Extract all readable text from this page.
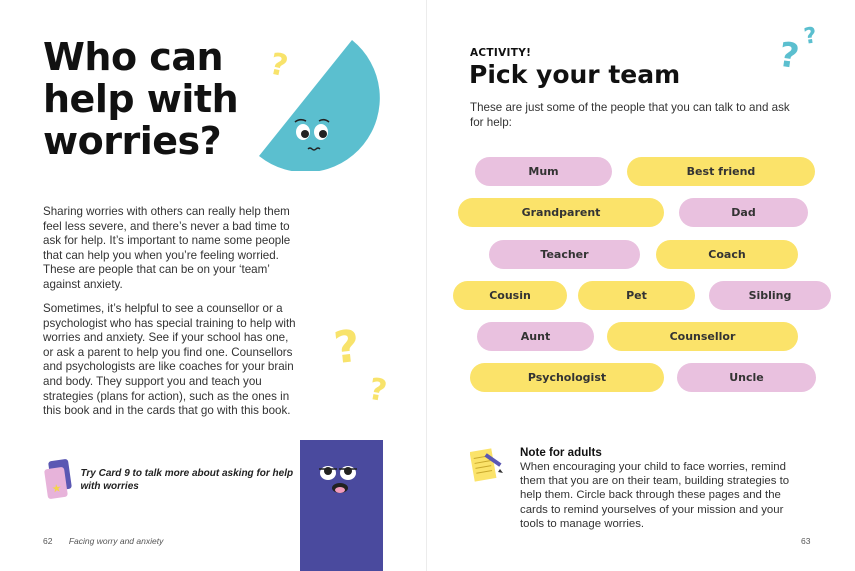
Who can help with worries?
?

Sharing worries with others can really help them feel less severe, and there’s never a bad time to ask for help. It’s important to name some people that can help you when you’re feeling worried. These are people that can be on your ‘team’ against anxiety.

Sometimes, it’s helpful to see a counsellor or a psychologist who has special training to help with worries and anxiety. See if your school has one, or ask a parent to help you find one. Counsellors and psychologists are like coaches for your brain and body. They support you and teach you strategies (plans for action), such as the ones in this book and in the cards that go with this book.

?
?
★

Try Card 9 to talk more about asking for help with worries

62 Facing worry and anxiety
ACTIVITY!
Pick your team	? ?

These are just some of the people that you can talk to and ask for help:

Mum	Best friend
Grandparent	Dad
Teacher	Coach
Cousin	Pet	Sibling
Aunt	Counsellor
Psychologist	Uncle
Note for adults

When encouraging your child to face worries, remind them that you are on their team, building strategies to help them. Circle back through these pages and the cards to remind yourselves of your mission and your tools to manage worries.

63
